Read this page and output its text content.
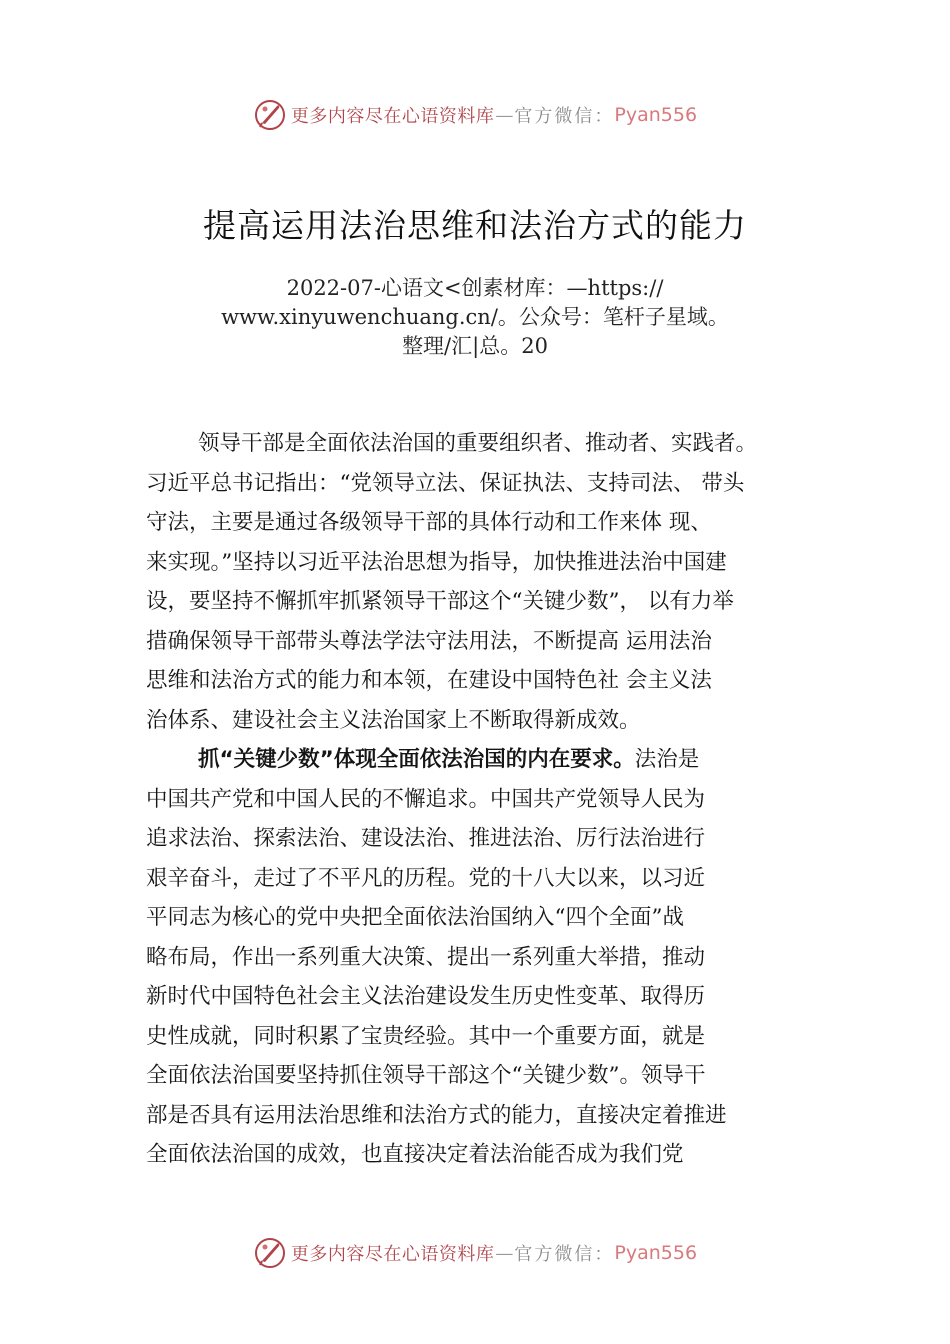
更多内容尽在心语资料库 — 官方微信： Pyan556
提高运用法治思维和法治方式的能力
2022-07-心语文<创素材库：—https://
www.xinyuwenchuang.cn/。公众号：笔杆子星域。
整理/汇|总。20
领导干部是全面依法治国的重要组织者、推动者、实践者。
习近平总书记指出：“党领导立法、保证执法、支持司法、 带头
守法，主要是通过各级领导干部的具体行动和工作来体 现、
来实现。”坚持以习近平法治思想为指导，加快推进法治中国建
设，要坚持不懈抓牢抓紧领导干部这个“关键少数”， 以有力举
措确保领导干部带头尊法学法守法用法，不断提高 运用法治
思维和法治方式的能力和本领，在建设中国特色社 会主义法
治体系、建设社会主义法治国家上不断取得新成效。
抓“关键少数”体现全面依法治国的内在要求。法治是
中国共产党和中国人民的不懈追求。中国共产党领导人民为
追求法治、探索法治、建设法治、推进法治、厉行法治进行
艰辛奋斗，走过了不平凡的历程。党的十八大以来，以习近
平同志为核心的党中央把全面依法治国纳入“四个全面”战
略布局，作出一系列重大决策、提出一系列重大举措，推动
新时代中国特色社会主义法治建设发生历史性变革、取得历
史性成就，同时积累了宝贵经验。其中一个重要方面，就是
全面依法治国要坚持抓住领导干部这个“关键少数”。领导干
部是否具有运用法治思维和法治方式的能力，直接决定着推进
全面依法治国的成效，也直接决定着法治能否成为我们党
更多内容尽在心语资料库 — 官方微信： Pyan556
